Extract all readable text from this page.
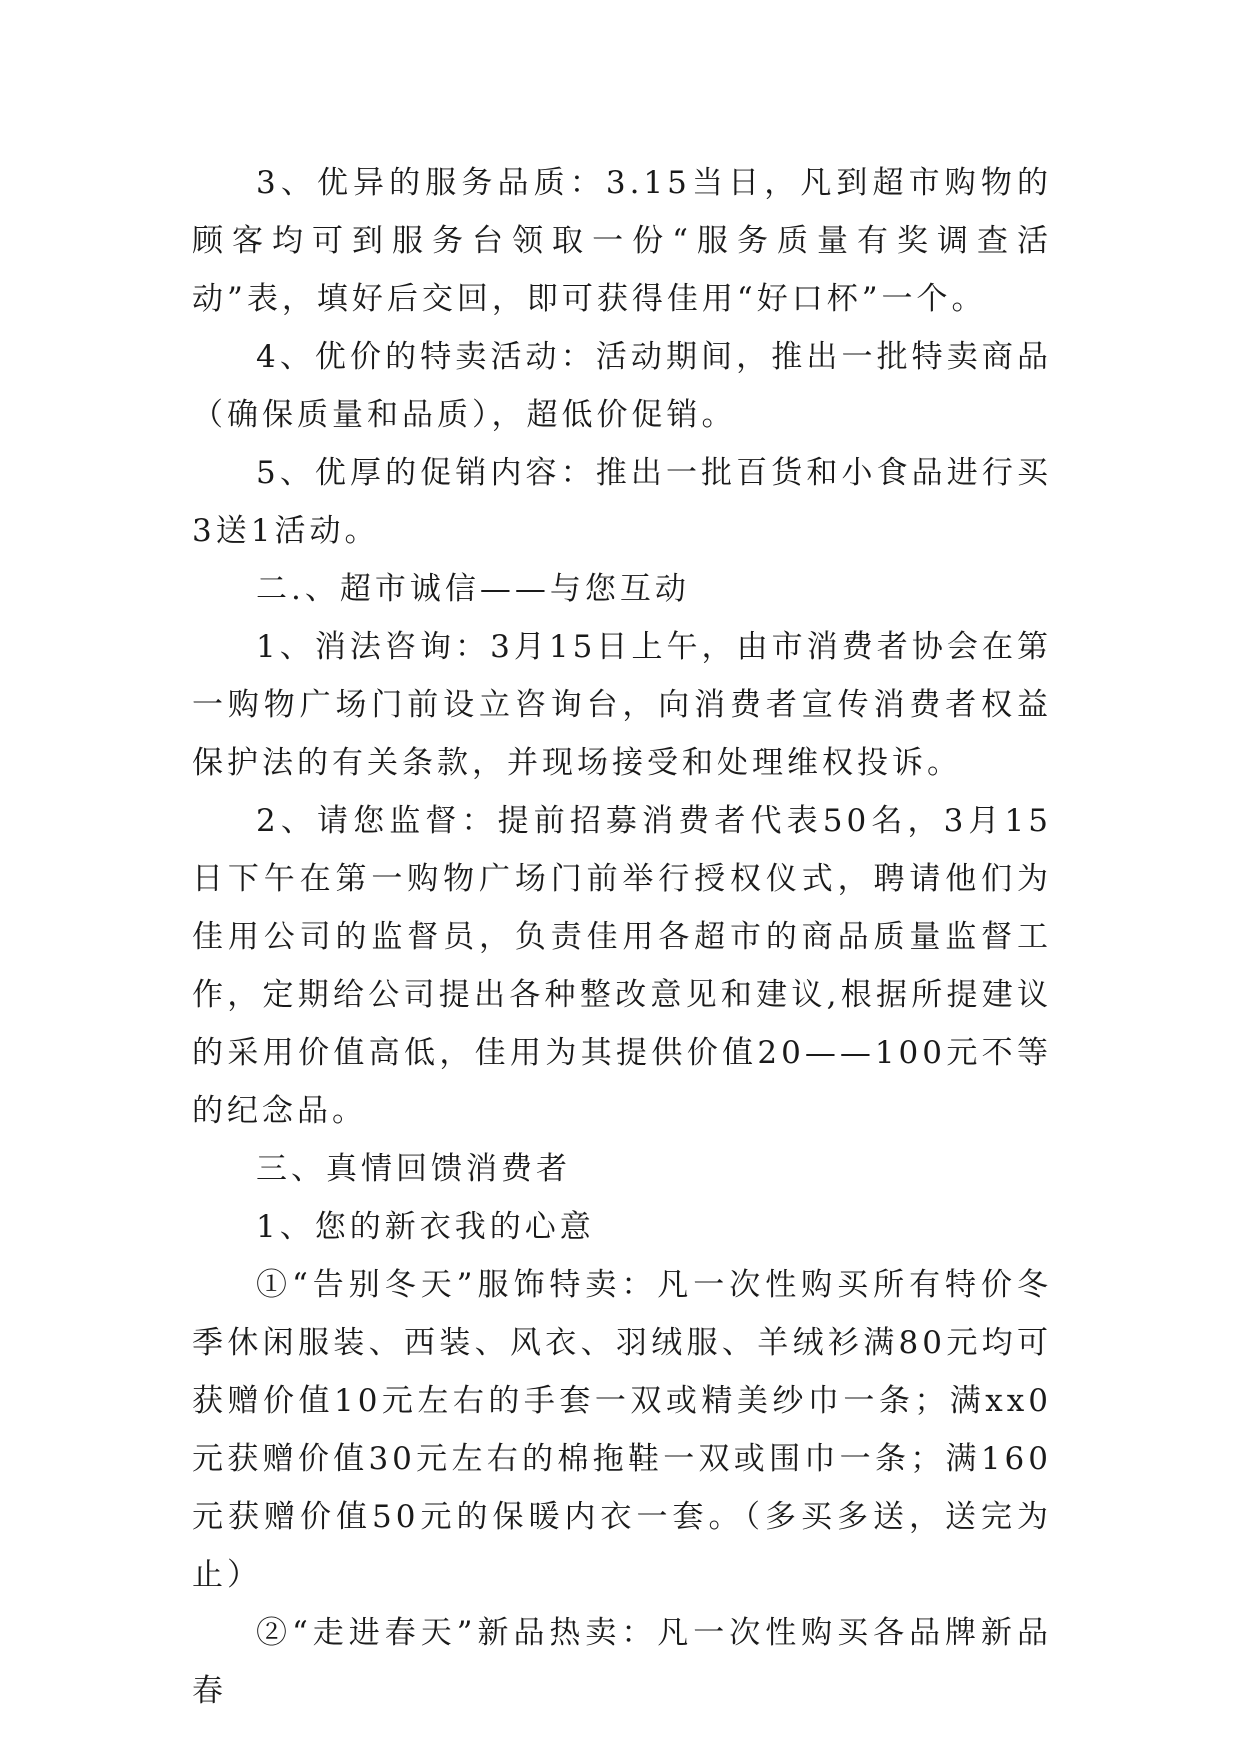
3、优异的服务品质：3.15当日，凡到超市购物的顾客均可到服务台领取一份“服务质量有奖调查活动”表，填好后交回，即可获得佳用“好口杯”一个。

4、优价的特卖活动：活动期间，推出一批特卖商品（确保质量和品质），超低价促销。

5、优厚的促销内容：推出一批百货和小食品进行买3送1活动。

二.、超市诚信——与您互动

1、消法咨询：3月15日上午，由市消费者协会在第一购物广场门前设立咨询台，向消费者宣传消费者权益保护法的有关条款，并现场接受和处理维权投诉。

2、请您监督：提前招募消费者代表50名，3月15日下午在第一购物广场门前举行授权仪式，聘请他们为佳用公司的监督员，负责佳用各超市的商品质量监督工作，定期给公司提出各种整改意见和建议,根据所提建议的采用价值高低，佳用为其提供价值20——100元不等的纪念品。

三、真情回馈消费者

1、您的新衣我的心意

①“告别冬天”服饰特卖：凡一次性购买所有特价冬季休闲服装、西装、风衣、羽绒服、羊绒衫满80元均可获赠价值10元左右的手套一双或精美纱巾一条；满xx0元获赠价值30元左右的棉拖鞋一双或围巾一条；满160元获赠价值50元的保暖内衣一套。（多买多送，送完为止）

②“走进春天”新品热卖：凡一次性购买各品牌新品春
